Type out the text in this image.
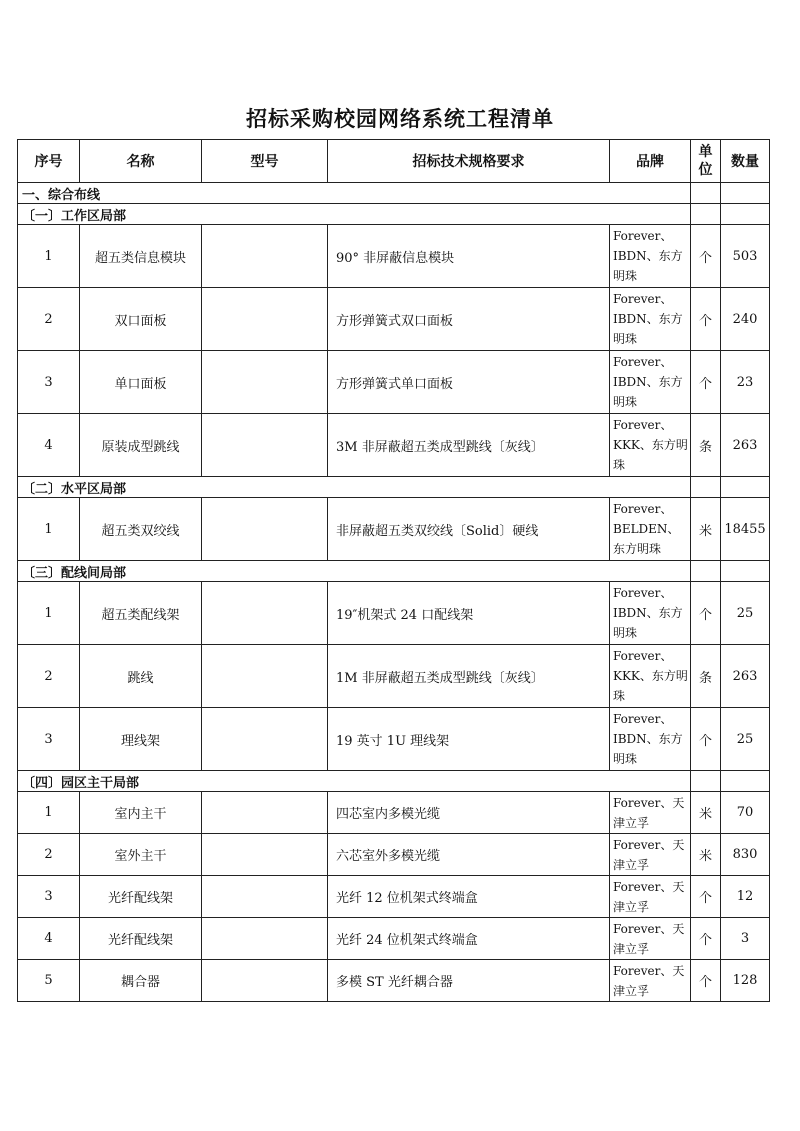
招标采购校园网络系统工程清单
序号	名称	型号	招标技术规格要求	品牌	单位	数量
一、综合布线						
〔一〕工作区局部						
1	超五类信息模块		90° 非屏蔽信息模块	Forever、IBDN、东方明珠	个	503
2	双口面板		方形弹簧式双口面板	Forever、IBDN、东方明珠	个	240
3	单口面板		方形弹簧式单口面板	Forever、IBDN、东方明珠	个	23
4	原装成型跳线		3M 非屏蔽超五类成型跳线〔灰线〕	Forever、KKK、东方明珠	条	263
〔二〕水平区局部						
1	超五类双绞线		非屏蔽超五类双绞线〔Solid〕硬线	Forever、BELDEN、东方明珠	米	18455
〔三〕配线间局部						
1	超五类配线架		19″机架式 24 口配线架	Forever、IBDN、东方明珠	个	25
2	跳线		1M 非屏蔽超五类成型跳线〔灰线〕	Forever、KKK、东方明珠	条	263
3	理线架		19 英寸 1U 理线架	Forever、IBDN、东方明珠	个	25
〔四〕园区主干局部						
1	室内主干		四芯室内多模光缆	Forever、天津立孚	米	70
2	室外主干		六芯室外多模光缆	Forever、天津立孚	米	830
3	光纤配线架		光纤 12 位机架式终端盒	Forever、天津立孚	个	12
4	光纤配线架		光纤 24 位机架式终端盒	Forever、天津立孚	个	3
5	耦合器		多模 ST 光纤耦合器	Forever、天津立孚	个	128
